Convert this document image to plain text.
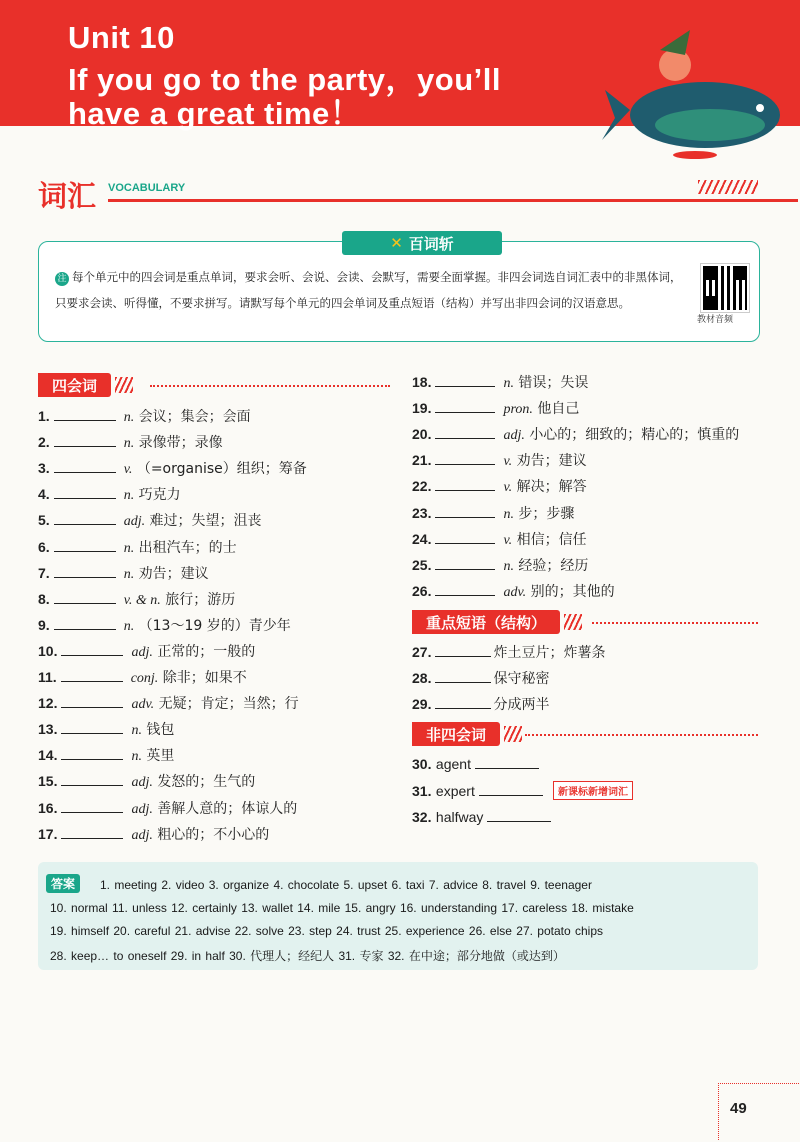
Unit 10
If you go to the party，you’ll
have a great time！
词汇 VOCABULARY
✕ 百词斩
注 每个单元中的四会词是重点单词，要求会听、会说、会读、会默写，需要全面掌握。非四会词选自词汇表中的非黑体词，只要求会读、听得懂，不要求拼写。请默写每个单元的四会单词及重点短语（结构）并写出非四会词的汉语意思。
教材音频
四会词
1.	n. 会议；集会；会面
2.	n. 录像带；录像
3.	v. （=organise）组织；筹备
4.	n. 巧克力
5.	adj. 难过；失望；沮丧
6.	n. 出租汽车；的士
7.	n. 劝告；建议
8.	v. & n. 旅行；游历
9.	n. （13～19 岁的）青少年
10.	adj. 正常的；一般的
11.	conj. 除非；如果不
12.	adv. 无疑；肯定；当然；行
13.	n. 钱包
14.	n. 英里
15.	adj. 发怒的；生气的
16.	adj. 善解人意的；体谅人的
17.	adj. 粗心的；不小心的
18.	n. 错误；失误
19.	pron. 他自己
20.	adj. 小心的；细致的；精心的；慎重的
21.	v. 劝告；建议
22.	v. 解决；解答
23.	n. 步；步骤
24.	v. 相信；信任
25.	n. 经验；经历
26.	adv. 别的；其他的
重点短语（结构）
27.	炸土豆片；炸薯条
28.	保守秘密
29.	分成两半
非四会词
30. agent
31. expert
32. halfway
新课标新增词汇
答案	1. meeting 2. video 3. organize 4. chocolate 5. upset 6. taxi 7. advice 8. travel 9. teenager
10. normal 11. unless 12. certainly 13. wallet 14. mile 15. angry 16. understanding 17. careless 18. mistake
19. himself 20. careful 21. advise 22. solve 23. step 24. trust 25. experience 26. else 27. potato chips
28. keep… to oneself 29. in half 30. 代理人；经纪人 31. 专家 32. 在中途；部分地做（或达到）
49
